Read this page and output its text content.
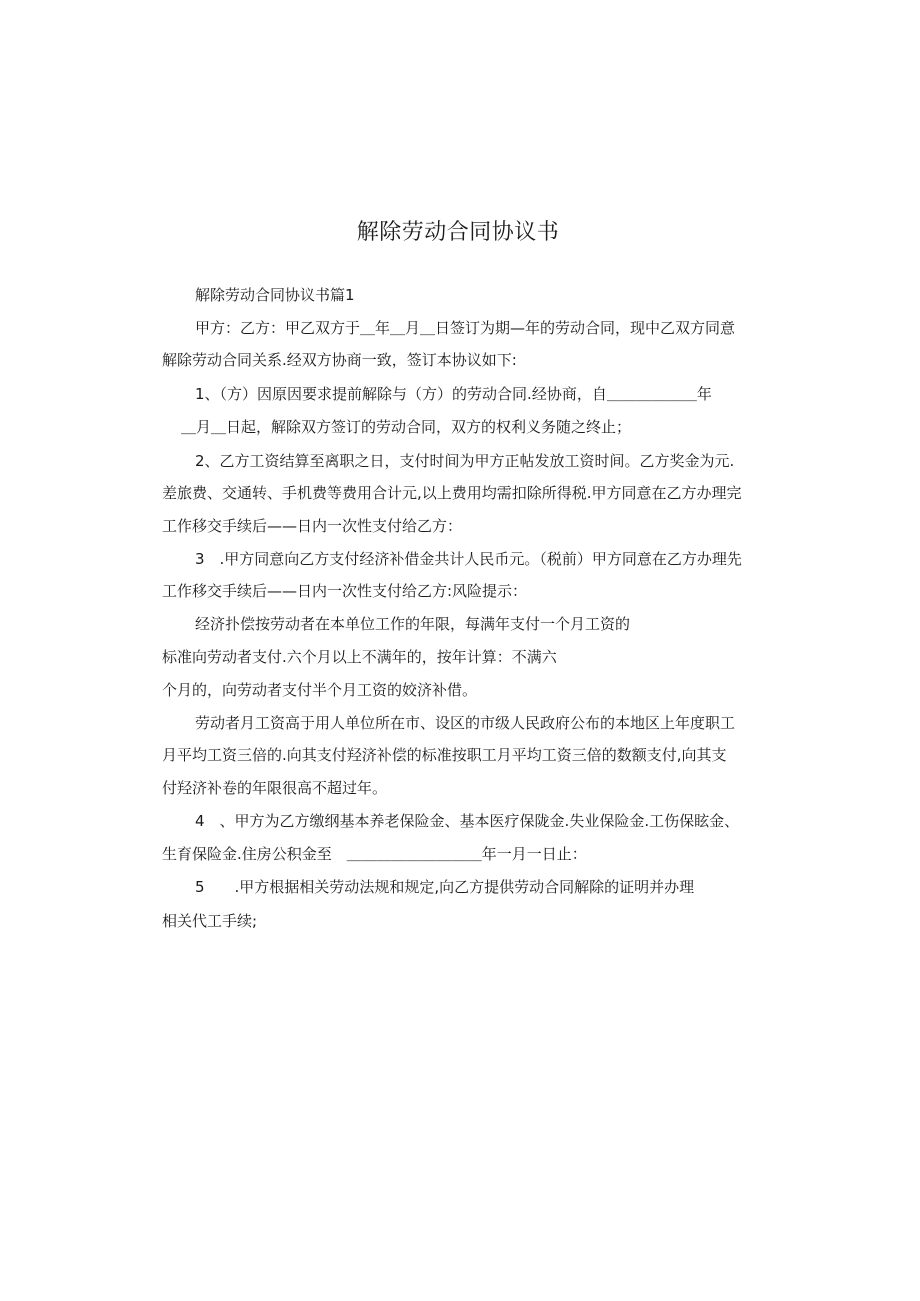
解除劳动合同协议书
解除劳动合同协议书篇1
甲方：乙方：甲乙双方于＿年＿月＿日签订为期—年的劳动合同，现中乙双方同意
解除劳动合同关系.经双方协商一致，签订本协议如下:
1、（方）因原因要求提前解除与（方）的劳动合同.经协商，自＿＿＿＿＿＿年
＿月＿日起，解除双方签订的劳动合同，双方的权利义务随之终止；
2、乙方工资结算至离职之日，支付时间为甲方正帖发放工资时间。乙方奖金为元.
差旅费、交通转、手机费等费用合计元,以上费用均需扣除所得税.甲方同意在乙方办理完
工作移交手续后——日内一次性支付给乙方：
3　.甲方同意向乙方支付经济补借金共计人民币元。（税前）甲方同意在乙方办理先
工作移交手续后——日内一次性支付给乙方:风险提示：
经济扑偿按劳动者在本单位工作的年限，每满年支付一个月工资的
标准向劳动者支付.六个月以上不满年的，按年计算：不满六
个月的，向劳动者支付半个月工资的姣济补借。
劳动者月工资高于用人单位所在市、设区的市级人民政府公布的本地区上年度职工
月平均工资三倍的.向其支付羟济补偿的标准按职工月平均工资三倍的数额支付,向其支
付羟济补卷的年限很高不超过年。
4　、甲方为乙方缴纲基本养老保险金、基本医疗保陇金.失业保险金.工伤保眩金、
生育保险金.住房公积金至　＿＿＿＿＿＿＿＿＿年一月一日止：
5　　.甲方根据相关劳动法规和规定,向乙方提供劳动合同解除的证明并办理
相关代工手续;
